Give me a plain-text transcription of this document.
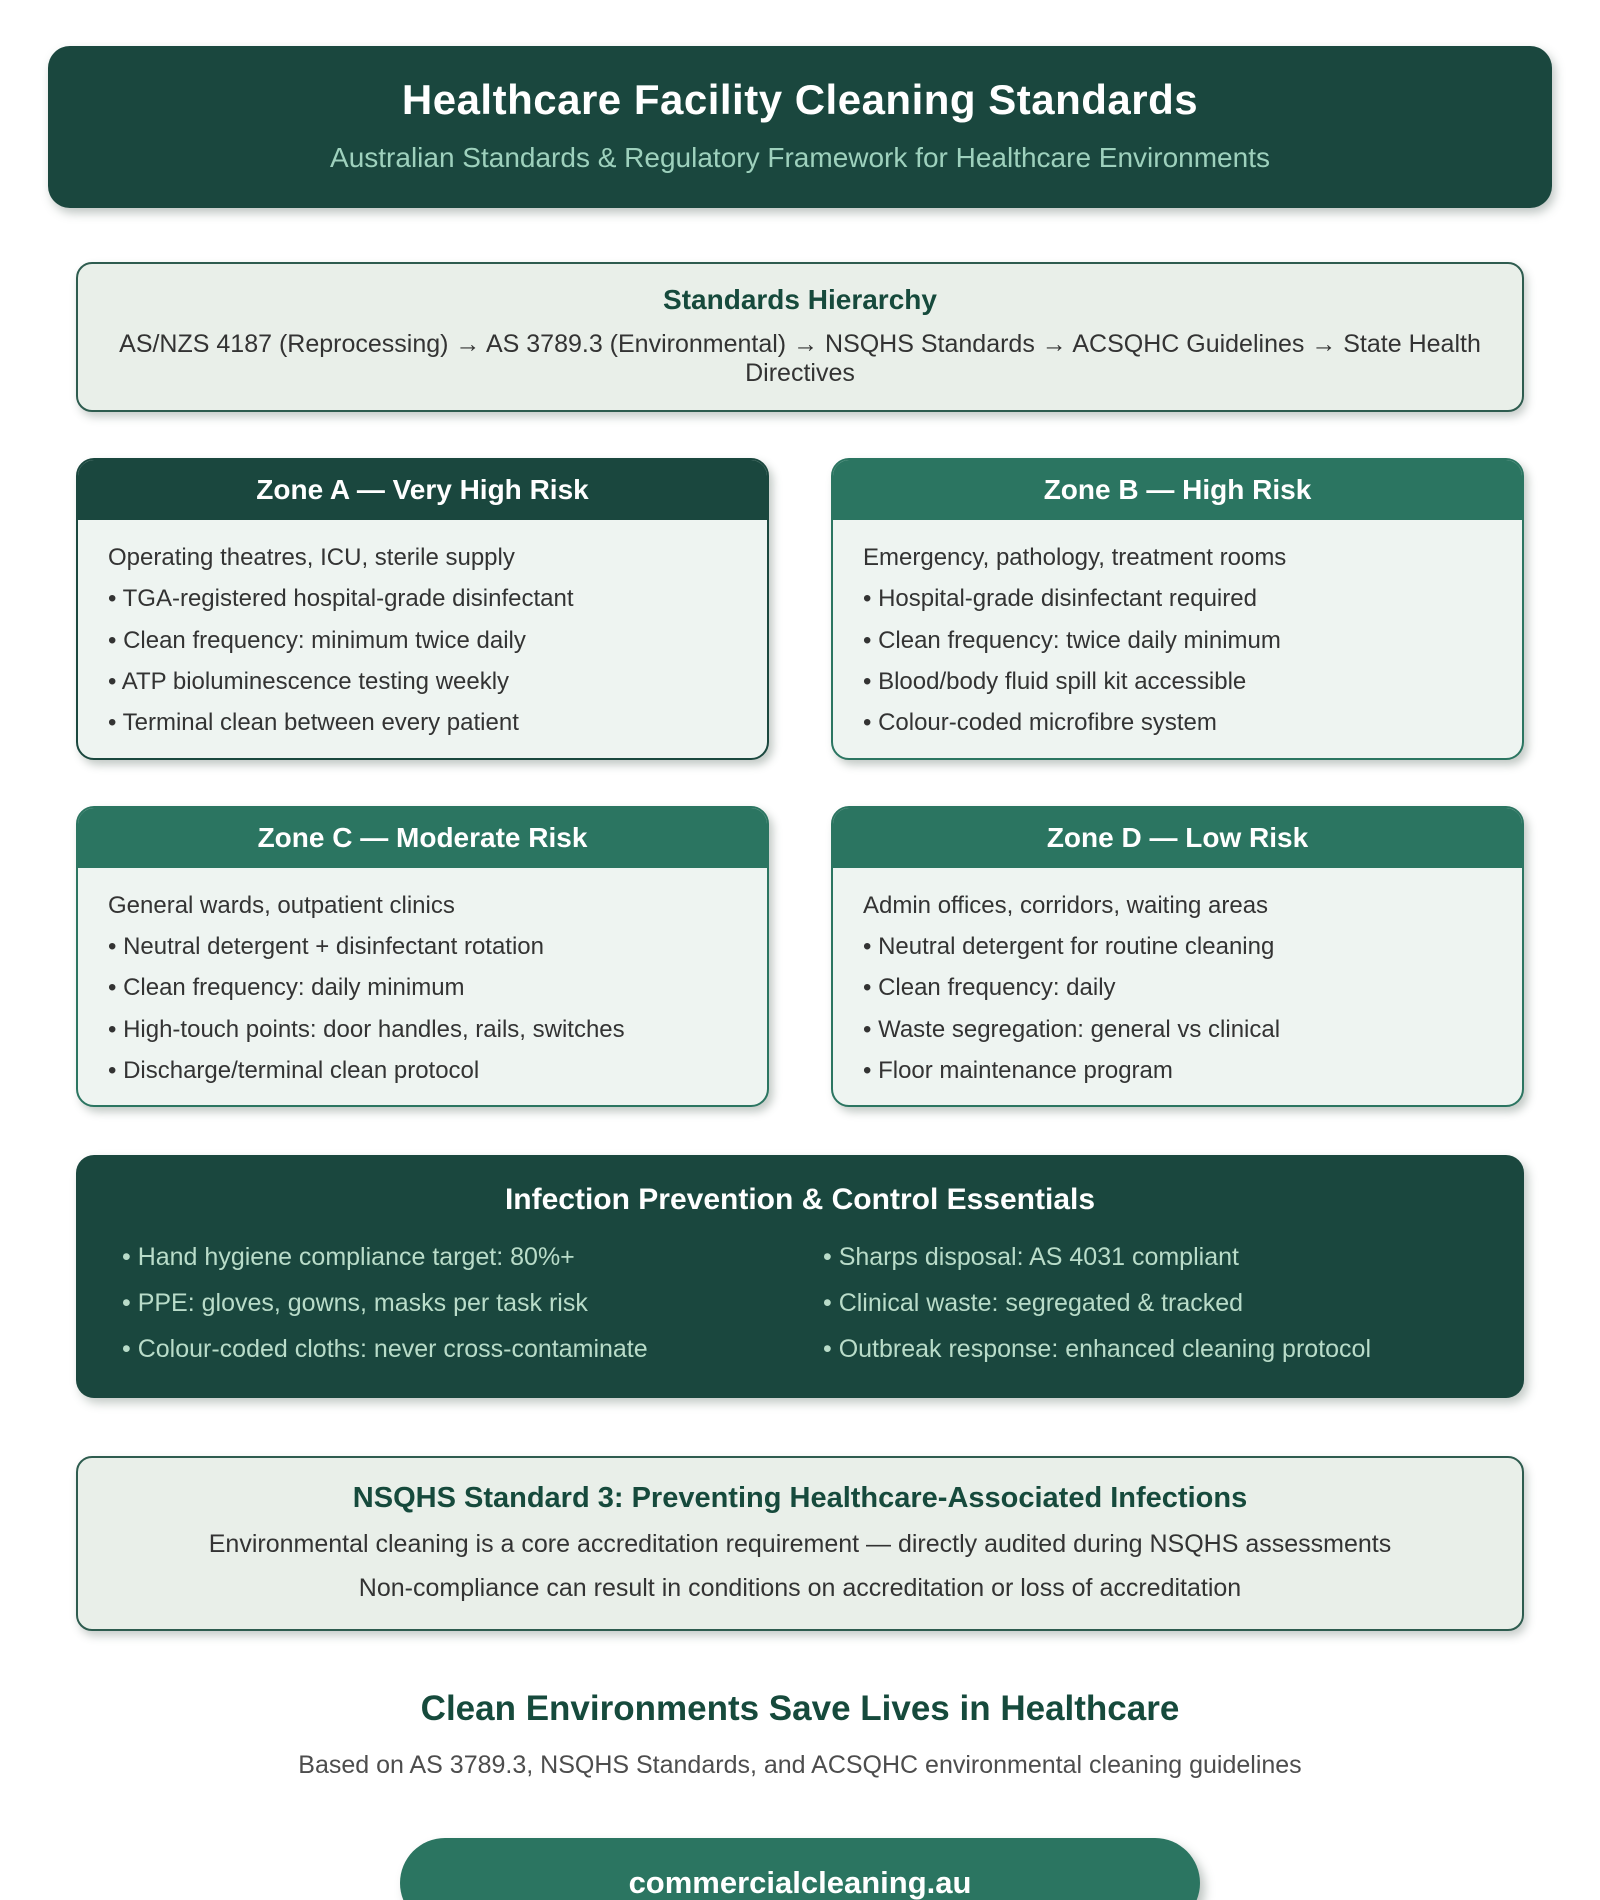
Healthcare Facility Cleaning Standards

Australian Standards & Regulatory Framework for Healthcare Environments

Standards Hierarchy

AS/NZS 4187 (Reprocessing) → AS 3789.3 (Environmental) → NSQHS Standards → ACSQHC Guidelines → State Health Directives

Zone A — Very High Risk

Operating theatres, ICU, sterile supply

• TGA-registered hospital-grade disinfectant

• Clean frequency: minimum twice daily

• ATP bioluminescence testing weekly

• Terminal clean between every patient

Zone B — High Risk

Emergency, pathology, treatment rooms

• Hospital-grade disinfectant required

• Clean frequency: twice daily minimum

• Blood/body fluid spill kit accessible

• Colour-coded microfibre system

Zone C — Moderate Risk

General wards, outpatient clinics

• Neutral detergent + disinfectant rotation

• Clean frequency: daily minimum

• High-touch points: door handles, rails, switches

• Discharge/terminal clean protocol

Zone D — Low Risk

Admin offices, corridors, waiting areas

• Neutral detergent for routine cleaning

• Clean frequency: daily

• Waste segregation: general vs clinical

• Floor maintenance program

Infection Prevention & Control Essentials

• Hand hygiene compliance target: 80%+

• PPE: gloves, gowns, masks per task risk

• Colour-coded cloths: never cross-contaminate

• Sharps disposal: AS 4031 compliant

• Clinical waste: segregated & tracked

• Outbreak response: enhanced cleaning protocol

NSQHS Standard 3: Preventing Healthcare-Associated Infections

Environmental cleaning is a core accreditation requirement — directly audited during NSQHS assessments

Non-compliance can result in conditions on accreditation or loss of accreditation

Clean Environments Save Lives in Healthcare

Based on AS 3789.3, NSQHS Standards, and ACSQHC environmental cleaning guidelines

commercialcleaning.au
